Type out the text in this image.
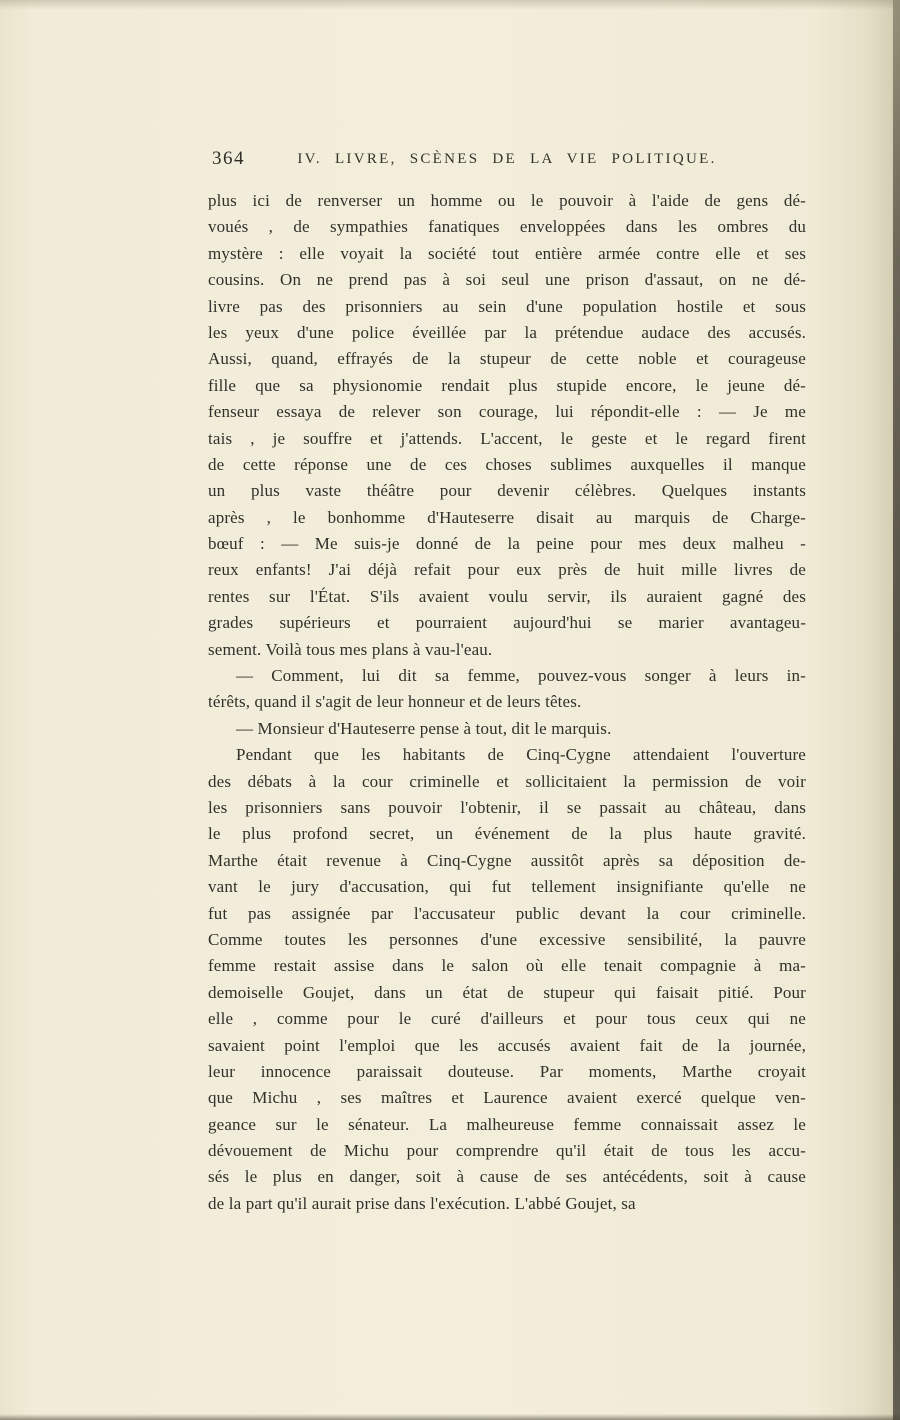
364	IV. LIVRE, SCÈNES DE LA VIE POLITIQUE.
plus ici de renverser un homme ou le pouvoir à l'aide de gens dé-
voués , de sympathies fanatiques enveloppées dans les ombres du
mystère : elle voyait la société tout entière armée contre elle et ses
cousins. On ne prend pas à soi seul une prison d'assaut, on ne dé-
livre pas des prisonniers au sein d'une population hostile et sous
les yeux d'une police éveillée par la prétendue audace des accusés.
Aussi, quand, effrayés de la stupeur de cette noble et courageuse
fille que sa physionomie rendait plus stupide encore, le jeune dé-
fenseur essaya de relever son courage, lui répondit-elle : — Je me
tais , je souffre et j'attends. L'accent, le geste et le regard firent
de cette réponse une de ces choses sublimes auxquelles il manque
un plus vaste théâtre pour devenir célèbres. Quelques instants
après , le bonhomme d'Hauteserre disait au marquis de Charge-
bœuf : — Me suis-je donné de la peine pour mes deux malheu -
reux enfants! J'ai déjà refait pour eux près de huit mille livres de
rentes sur l'État. S'ils avaient voulu servir, ils auraient gagné des
grades supérieurs et pourraient aujourd'hui se marier avantageu-
sement. Voilà tous mes plans à vau-l'eau.
— Comment, lui dit sa femme, pouvez-vous songer à leurs in-
térêts, quand il s'agit de leur honneur et de leurs têtes.
— Monsieur d'Hauteserre pense à tout, dit le marquis.
Pendant que les habitants de Cinq-Cygne attendaient l'ouverture
des débats à la cour criminelle et sollicitaient la permission de voir
les prisonniers sans pouvoir l'obtenir, il se passait au château, dans
le plus profond secret, un événement de la plus haute gravité.
Marthe était revenue à Cinq-Cygne aussitôt après sa déposition de-
vant le jury d'accusation, qui fut tellement insignifiante qu'elle ne
fut pas assignée par l'accusateur public devant la cour criminelle.
Comme toutes les personnes d'une excessive sensibilité, la pauvre
femme restait assise dans le salon où elle tenait compagnie à ma-
demoiselle Goujet, dans un état de stupeur qui faisait pitié. Pour
elle , comme pour le curé d'ailleurs et pour tous ceux qui ne
savaient point l'emploi que les accusés avaient fait de la journée,
leur innocence paraissait douteuse. Par moments, Marthe croyait
que Michu , ses maîtres et Laurence avaient exercé quelque ven-
geance sur le sénateur. La malheureuse femme connaissait assez le
dévouement de Michu pour comprendre qu'il était de tous les accu-
sés le plus en danger, soit à cause de ses antécédents, soit à cause
de la part qu'il aurait prise dans l'exécution. L'abbé Goujet, sa
